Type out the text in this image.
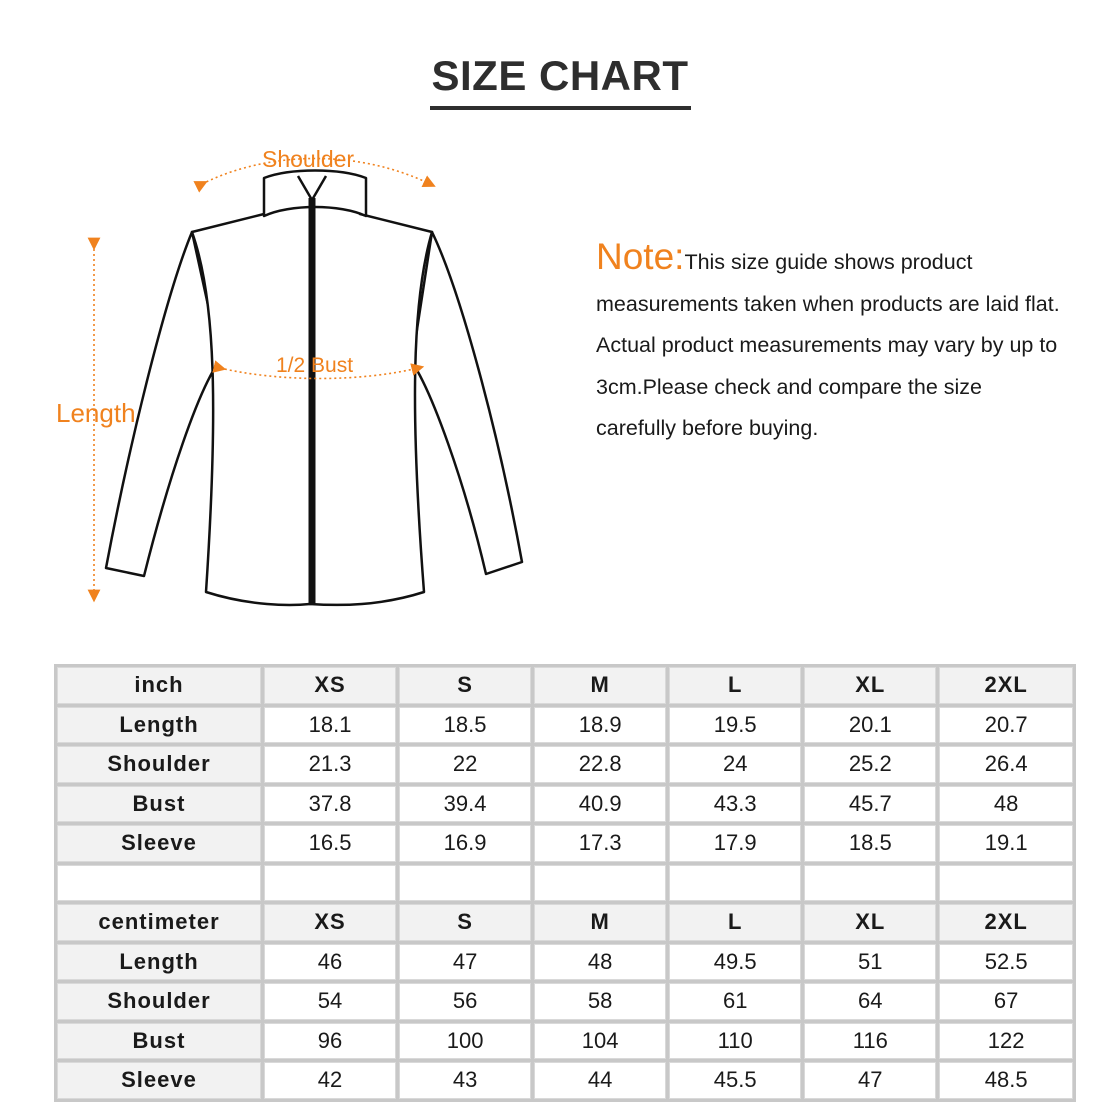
SIZE CHART
Shoulder
1/2 Bust
Length
Note:This size guide shows product measurements taken when products are laid flat. Actual product measurements may vary by up to 3cm.Please check and compare the size carefully before buying.
inch	XS	S	M	L	XL	2XL
Length	18.1	18.5	18.9	19.5	20.1	20.7
Shoulder	21.3	22	22.8	24	25.2	26.4
Bust	37.8	39.4	40.9	43.3	45.7	48
Sleeve	16.5	16.9	17.3	17.9	18.5	19.1

centimeter	XS	S	M	L	XL	2XL
Length	46	47	48	49.5	51	52.5
Shoulder	54	56	58	61	64	67
Bust	96	100	104	110	116	122
Sleeve	42	43	44	45.5	47	48.5
